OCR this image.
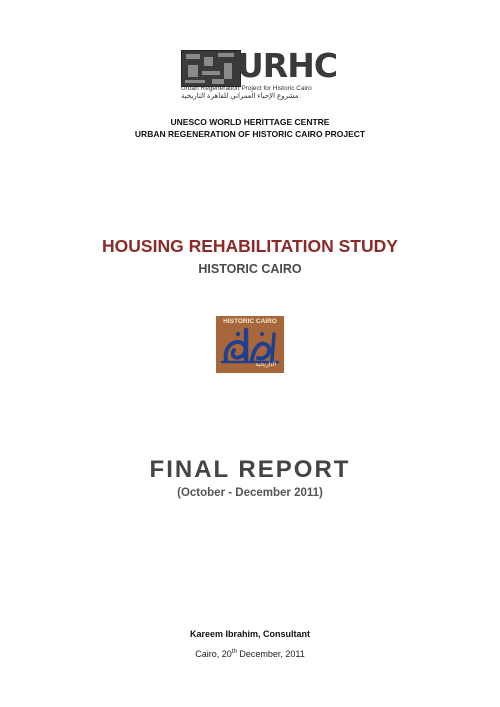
URHC
Urban Regeneration Project for Historic Cairo
مشروع الإحياء العمراني للقاهرة التاريخية
UNESCO WORLD HERITTAGE CENTRE
URBAN REGENERATION OF HISTORIC CAIRO PROJECT
HOUSING REHABILITATION STUDY
HISTORIC CAIRO
HISTORIC CAIRO
التاريخية
FINAL REPORT
(October - December 2011)
Kareem Ibrahim, Consultant
Cairo, 20th December, 2011
